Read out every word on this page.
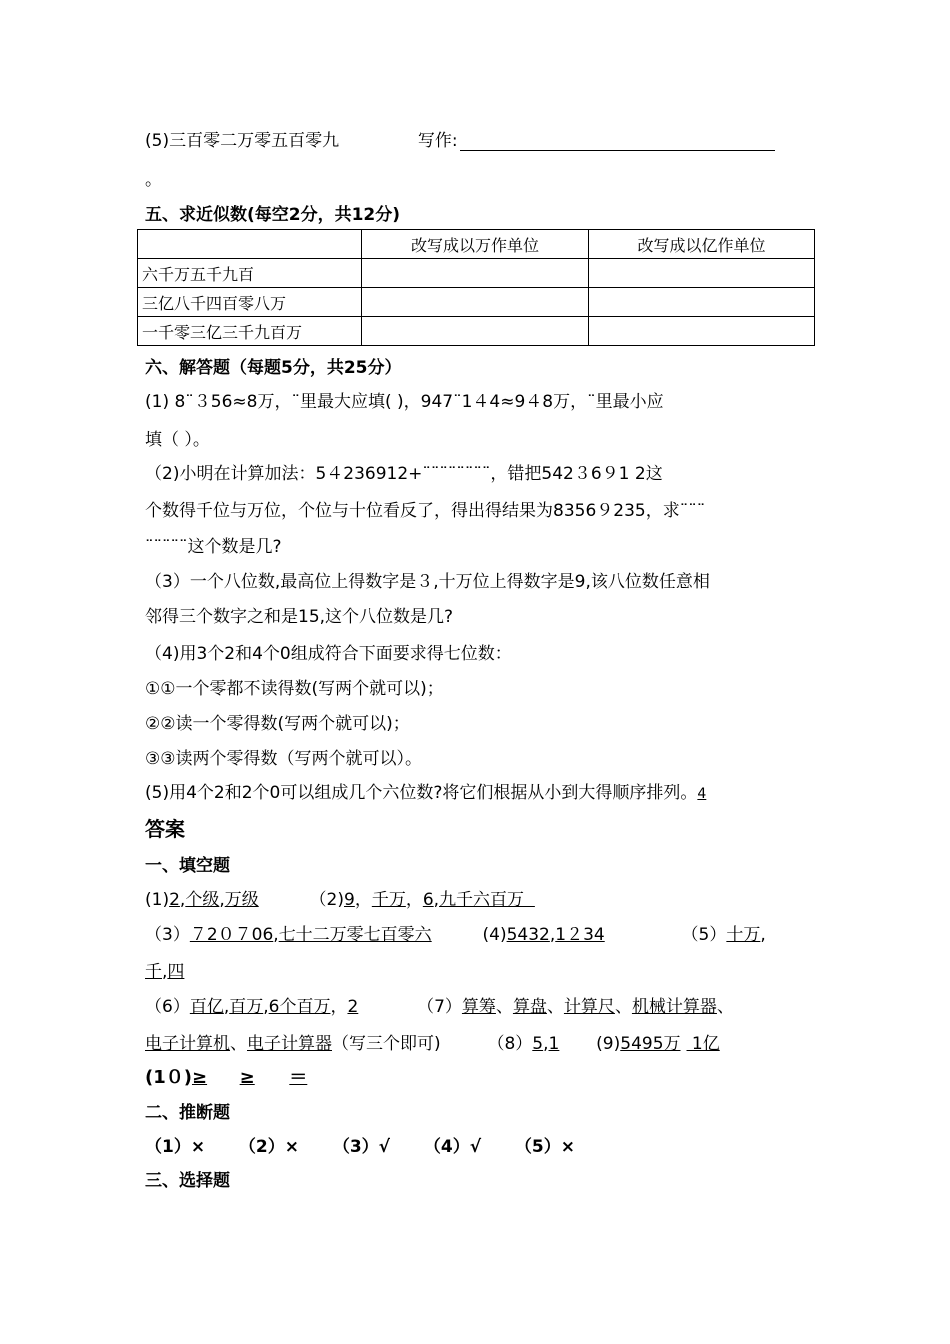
(5)三百零二万零五百零九	写作:
。
五、求近似数(每空2分，共12分)
	改写成以万作单位	改写成以亿作单位
六千万五千九百		
三亿八千四百零八万		
一千零三亿三千九百万		
六、解答题（每题5分，共25分）
(1) 8¨３56≈8万，¨里最大应填( )，947¨1４4≈9４8万，¨里最小应
填（ ）。
（2)小明在计算加法：5４236912+¨¨¨¨¨¨¨¨，错把542３6９1 2这
个数得千位与万位，个位与十位看反了，得出得结果为8356９235，求¨¨¨
¨¨¨¨¨这个数是几?
（3）一个八位数,最高位上得数字是３,十万位上得数字是9,该八位数任意相
邻得三个数字之和是15,这个八位数是几?
（4)用3个2和4个0组成符合下面要求得七位数：
①①一个零都不读得数(写两个就可以)；
②②读一个零得数(写两个就可以)；
③③读两个零得数（写两个就可以）。
(5)用4个2和2个0可以组成几个六位数?将它们根据从小到大得顺序排列。4
答案
一、填空题
(1)2,个级,万级	（2)9，千万，6,九千六百万
（3）７2０７06,七十二万零七百零六	(4)5432,1２34	（5）十万,
千,四
（6）百亿,百万,6个百万，2	（7）算筹、算盘、计算尺、机械计算器、
电子计算机、电子计算器（写三个即可)	（8）5,1 (9)5495万 1亿
(1０)≥ ≥ ＝
二、推断题
（1）× （2）× （3）√ （4）√ （5）×
三、选择题
